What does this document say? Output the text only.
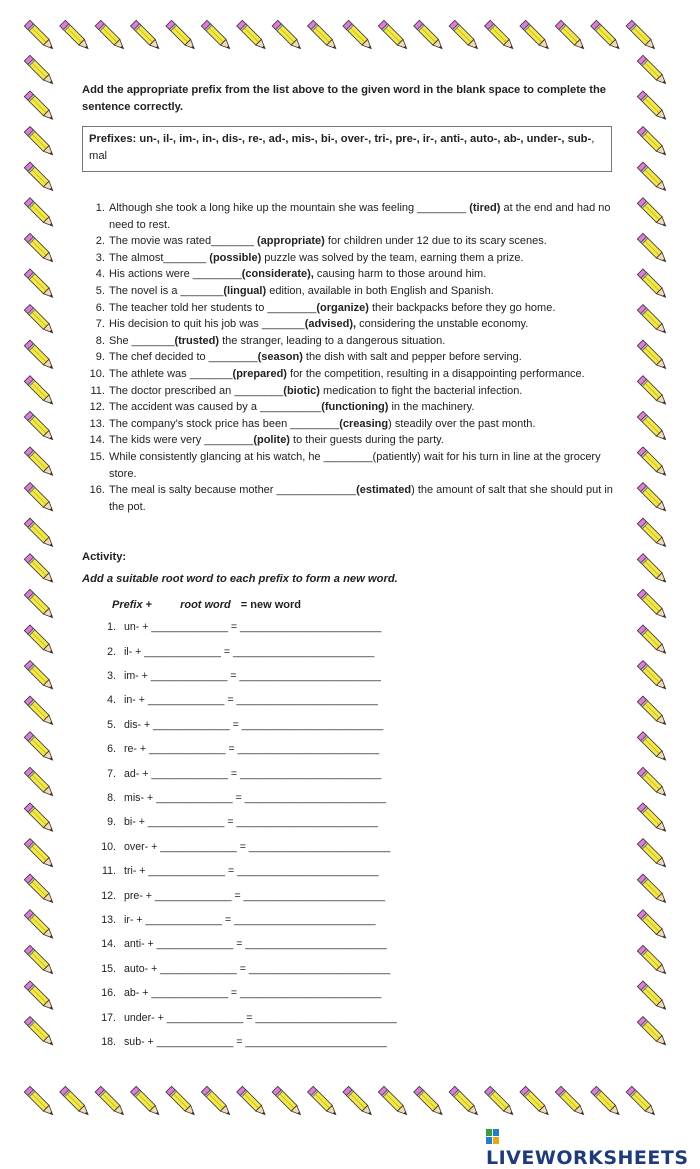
Add the appropriate prefix from the list above to the given word in the blank space to complete the sentence correctly.

Prefixes: un-, il-, im-, in-, dis-, re-, ad-, mis-, bi-, over-, tri-, pre-, ir-, anti-, auto-, ab-, under-, sub-, mal
1. Although she took a long hike up the mountain she was feeling ________ (tired) at the end and had no need to rest.
2. The movie was rated_______ (appropriate) for children under 12 due to its scary scenes.
3. The almost_______ (possible) puzzle was solved by the team, earning them a prize.
4. His actions were ________(considerate), causing harm to those around him.
5. The novel is a _______(lingual) edition, available in both English and Spanish.
6. The teacher told her students to ________(organize) their backpacks before they go home.
7. His decision to quit his job was _______(advised), considering the unstable economy.
8. She _______(trusted) the stranger, leading to a dangerous situation.
9. The chef decided to ________(season) the dish with salt and pepper before serving.
10. The athlete was _______(prepared) for the competition, resulting in a disappointing performance.
11. The doctor prescribed an ________(biotic) medication to fight the bacterial infection.
12. The accident was caused by a __________(functioning) in the machinery.
13. The company's stock price has been ________(creasing) steadily over the past month.
14. The kids were very ________(polite) to their guests during the party.
15. While consistently glancing at his watch, he ________(patiently) wait for his turn in line at the grocery store.
16. The meal is salty because mother _____________(estimated) the amount of salt that she should put in the pot.
Activity:
Add a suitable root word to each prefix to form a new word.
Prefix +	root word = new word
1. un- + _____________ = ________________________
2. il- + _____________ = ________________________
3. im- + _____________ = ________________________
4. in- + _____________ = ________________________
5. dis- + _____________ = ________________________
6. re- + _____________ = ________________________
7. ad- + _____________ = ________________________
8. mis- + _____________ = ________________________
9. bi- + _____________ = ________________________
10. over- + _____________ = ________________________
11. tri- + _____________ = ________________________
12. pre- + _____________ = ________________________
13. ir- + _____________ = ________________________
14. anti- + _____________ = ________________________
15. auto- + _____________ = ________________________
16. ab- + _____________ = ________________________
17. under- + _____________ = ________________________
18. sub- + _____________ = ________________________
LIVEWORKSHEETS
